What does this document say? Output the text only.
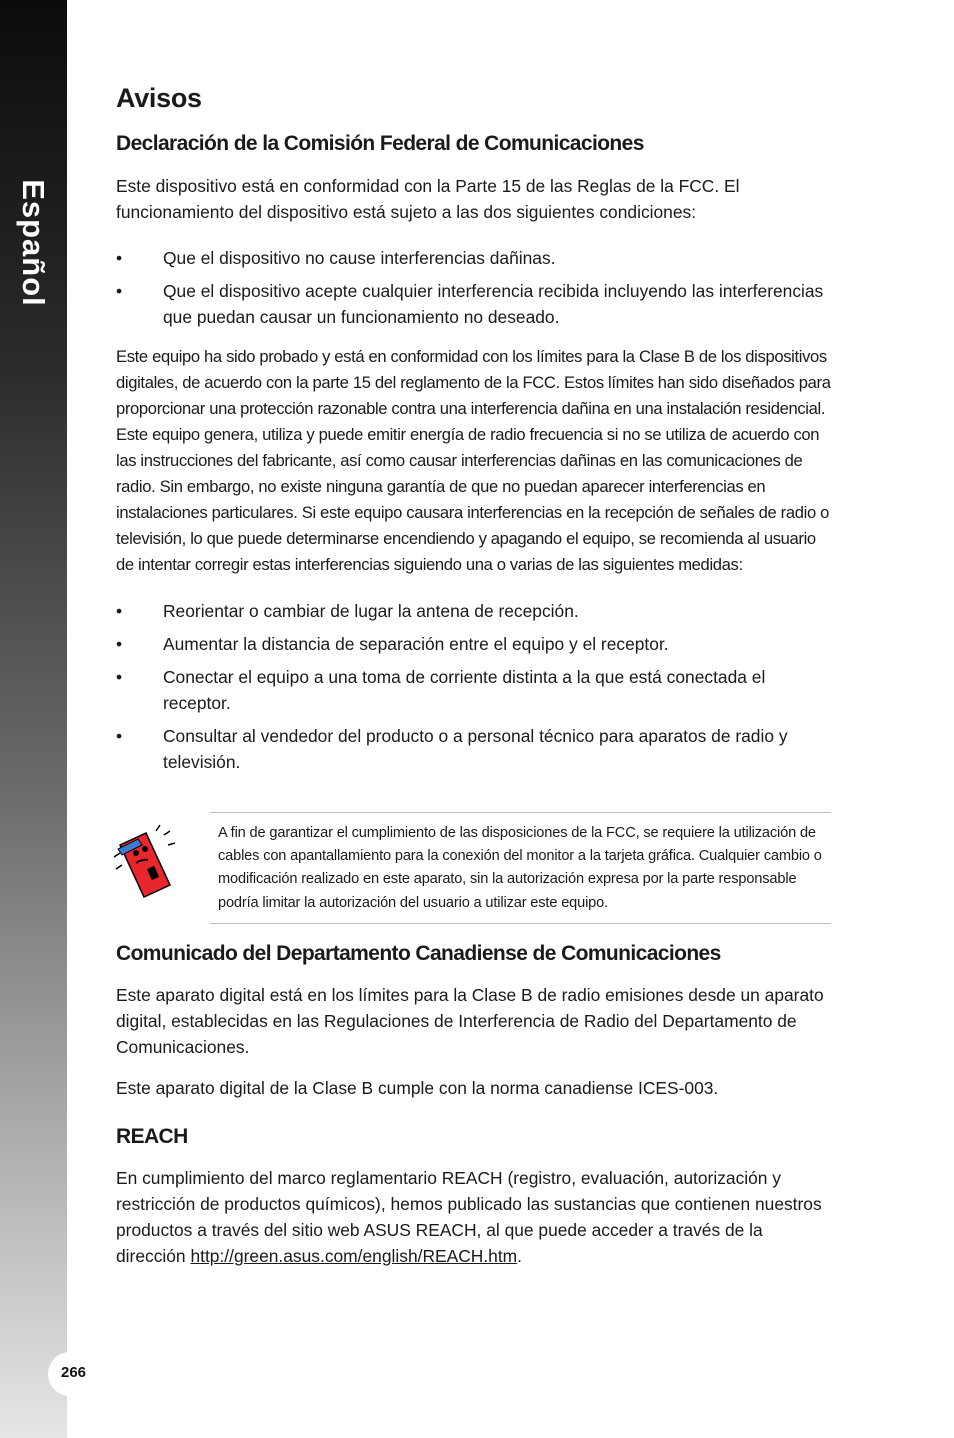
Español
266
Avisos
Declaración de la Comisión Federal de Comunicaciones

Este dispositivo está en conformidad con la Parte 15 de las Reglas de la FCC. El funcionamiento del dispositivo está sujeto a las dos siguientes condiciones:

• Que el dispositivo no cause interferencias dañinas.
• Que el dispositivo acepte cualquier interferencia recibida incluyendo las interferencias que puedan causar un funcionamiento no deseado.

Este equipo ha sido probado y está en conformidad con los límites para la Clase B de los dispositivos digitales, de acuerdo con la parte 15 del reglamento de la FCC. Estos límites han sido diseñados para proporcionar una protección razonable contra una interferencia dañina en una instalación residencial. Este equipo genera, utiliza y puede emitir energía de radio frecuencia si no se utiliza de acuerdo con las instrucciones del fabricante, así como causar interferencias dañinas en las comunicaciones de radio. Sin embargo, no existe ninguna garantía de que no puedan aparecer interferencias en instalaciones particulares. Si este equipo causara interferencias en la recepción de señales de radio o televisión, lo que puede determinarse encendiendo y apagando el equipo, se recomienda al usuario de intentar corregir estas interferencias siguiendo una o varias de las siguientes medidas:

• Reorientar o cambiar de lugar la antena de recepción.
• Aumentar la distancia de separación entre el equipo y el receptor.
• Conectar el equipo a una toma de corriente distinta a la que está conectada el receptor.
• Consultar al vendedor del producto o a personal técnico para aparatos de radio y televisión.

A fin de garantizar el cumplimiento de las disposiciones de la FCC, se requiere la utilización de cables con apantallamiento para la conexión del monitor a la tarjeta gráfica. Cualquier cambio o modificación realizado en este aparato, sin la autorización expresa por la parte responsable podría limitar la autorización del usuario a utilizar este equipo.

Comunicado del Departamento Canadiense de Comunicaciones

Este aparato digital está en los límites para la Clase B de radio emisiones desde un aparato digital, establecidas en las Regulaciones de Interferencia de Radio del Departamento de Comunicaciones.

Este aparato digital de la Clase B cumple con la norma canadiense ICES-003.

REACH

En cumplimiento del marco reglamentario REACH (registro, evaluación, autorización y restricción de productos químicos), hemos publicado las sustancias que contienen nuestros productos a través del sitio web ASUS REACH, al que puede acceder a través de la dirección http://green.asus.com/english/REACH.htm.
